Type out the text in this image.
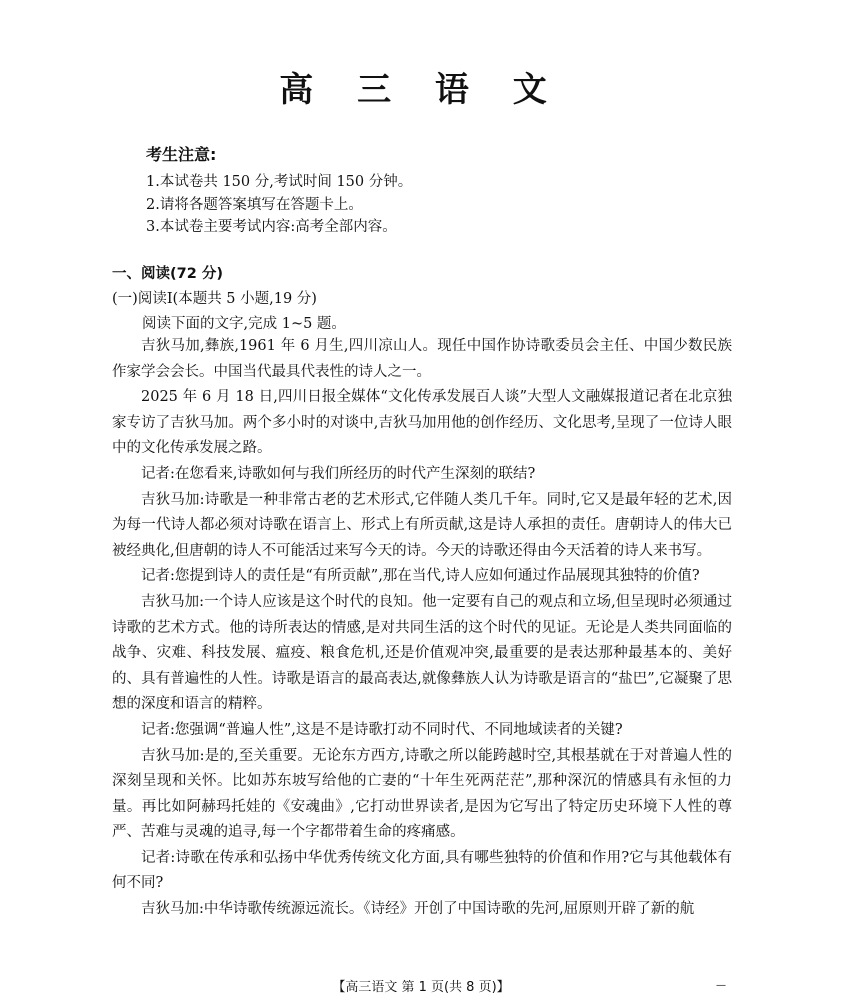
高 三 语 文
考生注意:
1.本试卷共 150 分,考试时间 150 分钟。
2.请将各题答案填写在答题卡上。
3.本试卷主要考试内容:高考全部内容。
一、阅读(72 分)
(一)阅读Ⅰ(本题共 5 小题,19 分)
阅读下面的文字,完成 1~5 题。

吉狄马加,彝族,1961 年 6 月生,四川凉山人。现任中国作协诗歌委员会主任、中国少数民族作家学会会长。中国当代最具代表性的诗人之一。

2025 年 6 月 18 日,四川日报全媒体“文化传承发展百人谈”大型人文融媒报道记者在北京独家专访了吉狄马加。两个多小时的对谈中,吉狄马加用他的创作经历、文化思考,呈现了一位诗人眼中的文化传承发展之路。

记者:在您看来,诗歌如何与我们所经历的时代产生深刻的联结?

吉狄马加:诗歌是一种非常古老的艺术形式,它伴随人类几千年。同时,它又是最年轻的艺术,因为每一代诗人都必须对诗歌在语言上、形式上有所贡献,这是诗人承担的责任。唐朝诗人的伟大已被经典化,但唐朝的诗人不可能活过来写今天的诗。今天的诗歌还得由今天活着的诗人来书写。

记者:您提到诗人的责任是“有所贡献”,那在当代,诗人应如何通过作品展现其独特的价值?

吉狄马加:一个诗人应该是这个时代的良知。他一定要有自己的观点和立场,但呈现时必须通过诗歌的艺术方式。他的诗所表达的情感,是对共同生活的这个时代的见证。无论是人类共同面临的战争、灾难、科技发展、瘟疫、粮食危机,还是价值观冲突,最重要的是表达那种最基本的、美好的、具有普遍性的人性。诗歌是语言的最高表达,就像彝族人认为诗歌是语言的“盐巴”,它凝聚了思想的深度和语言的精粹。

记者:您强调“普遍人性”,这是不是诗歌打动不同时代、不同地域读者的关键?

吉狄马加:是的,至关重要。无论东方西方,诗歌之所以能跨越时空,其根基就在于对普遍人性的深刻呈现和关怀。比如苏东坡写给他的亡妻的“十年生死两茫茫”,那种深沉的情感具有永恒的力量。再比如阿赫玛托娃的《安魂曲》,它打动世界读者,是因为它写出了特定历史环境下人性的尊严、苦难与灵魂的追寻,每一个字都带着生命的疼痛感。

记者:诗歌在传承和弘扬中华优秀传统文化方面,具有哪些独特的价值和作用?它与其他载体有何不同?

吉狄马加:中华诗歌传统源远流长。《诗经》开创了中国诗歌的先河,屈原则开辟了新的航

【高三语文 第 1 页(共 8 页)】	—
